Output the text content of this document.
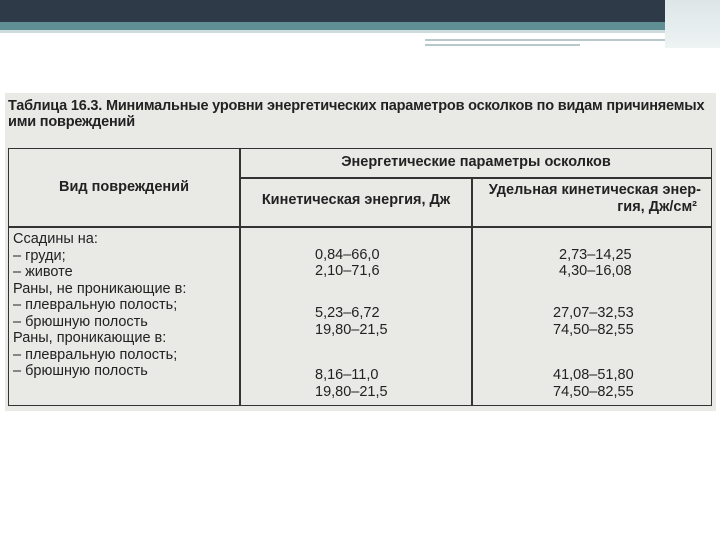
Таблица 16.3. Минимальные уровни энергетических параметров осколков по видам причиняемых
ими повреждений
Вид повреждений
Энергетические параметры осколков
Кинетическая энергия, Дж
Удельная кинетическая энер-
гия, Дж/см²
Ссадины на:
– груди;
– животе
Раны, не проникающие в:
– плевральную полость;
– брюшную полость
Раны, проникающие в:
– плевральную полость;
– брюшную полость
0,84–66,0
2,10–71,6
5,23–6,72
19,80–21,5
8,16–11,0
19,80–21,5
2,73–14,25
4,30–16,08
27,07–32,53
74,50–82,55
41,08–51,80
74,50–82,55
